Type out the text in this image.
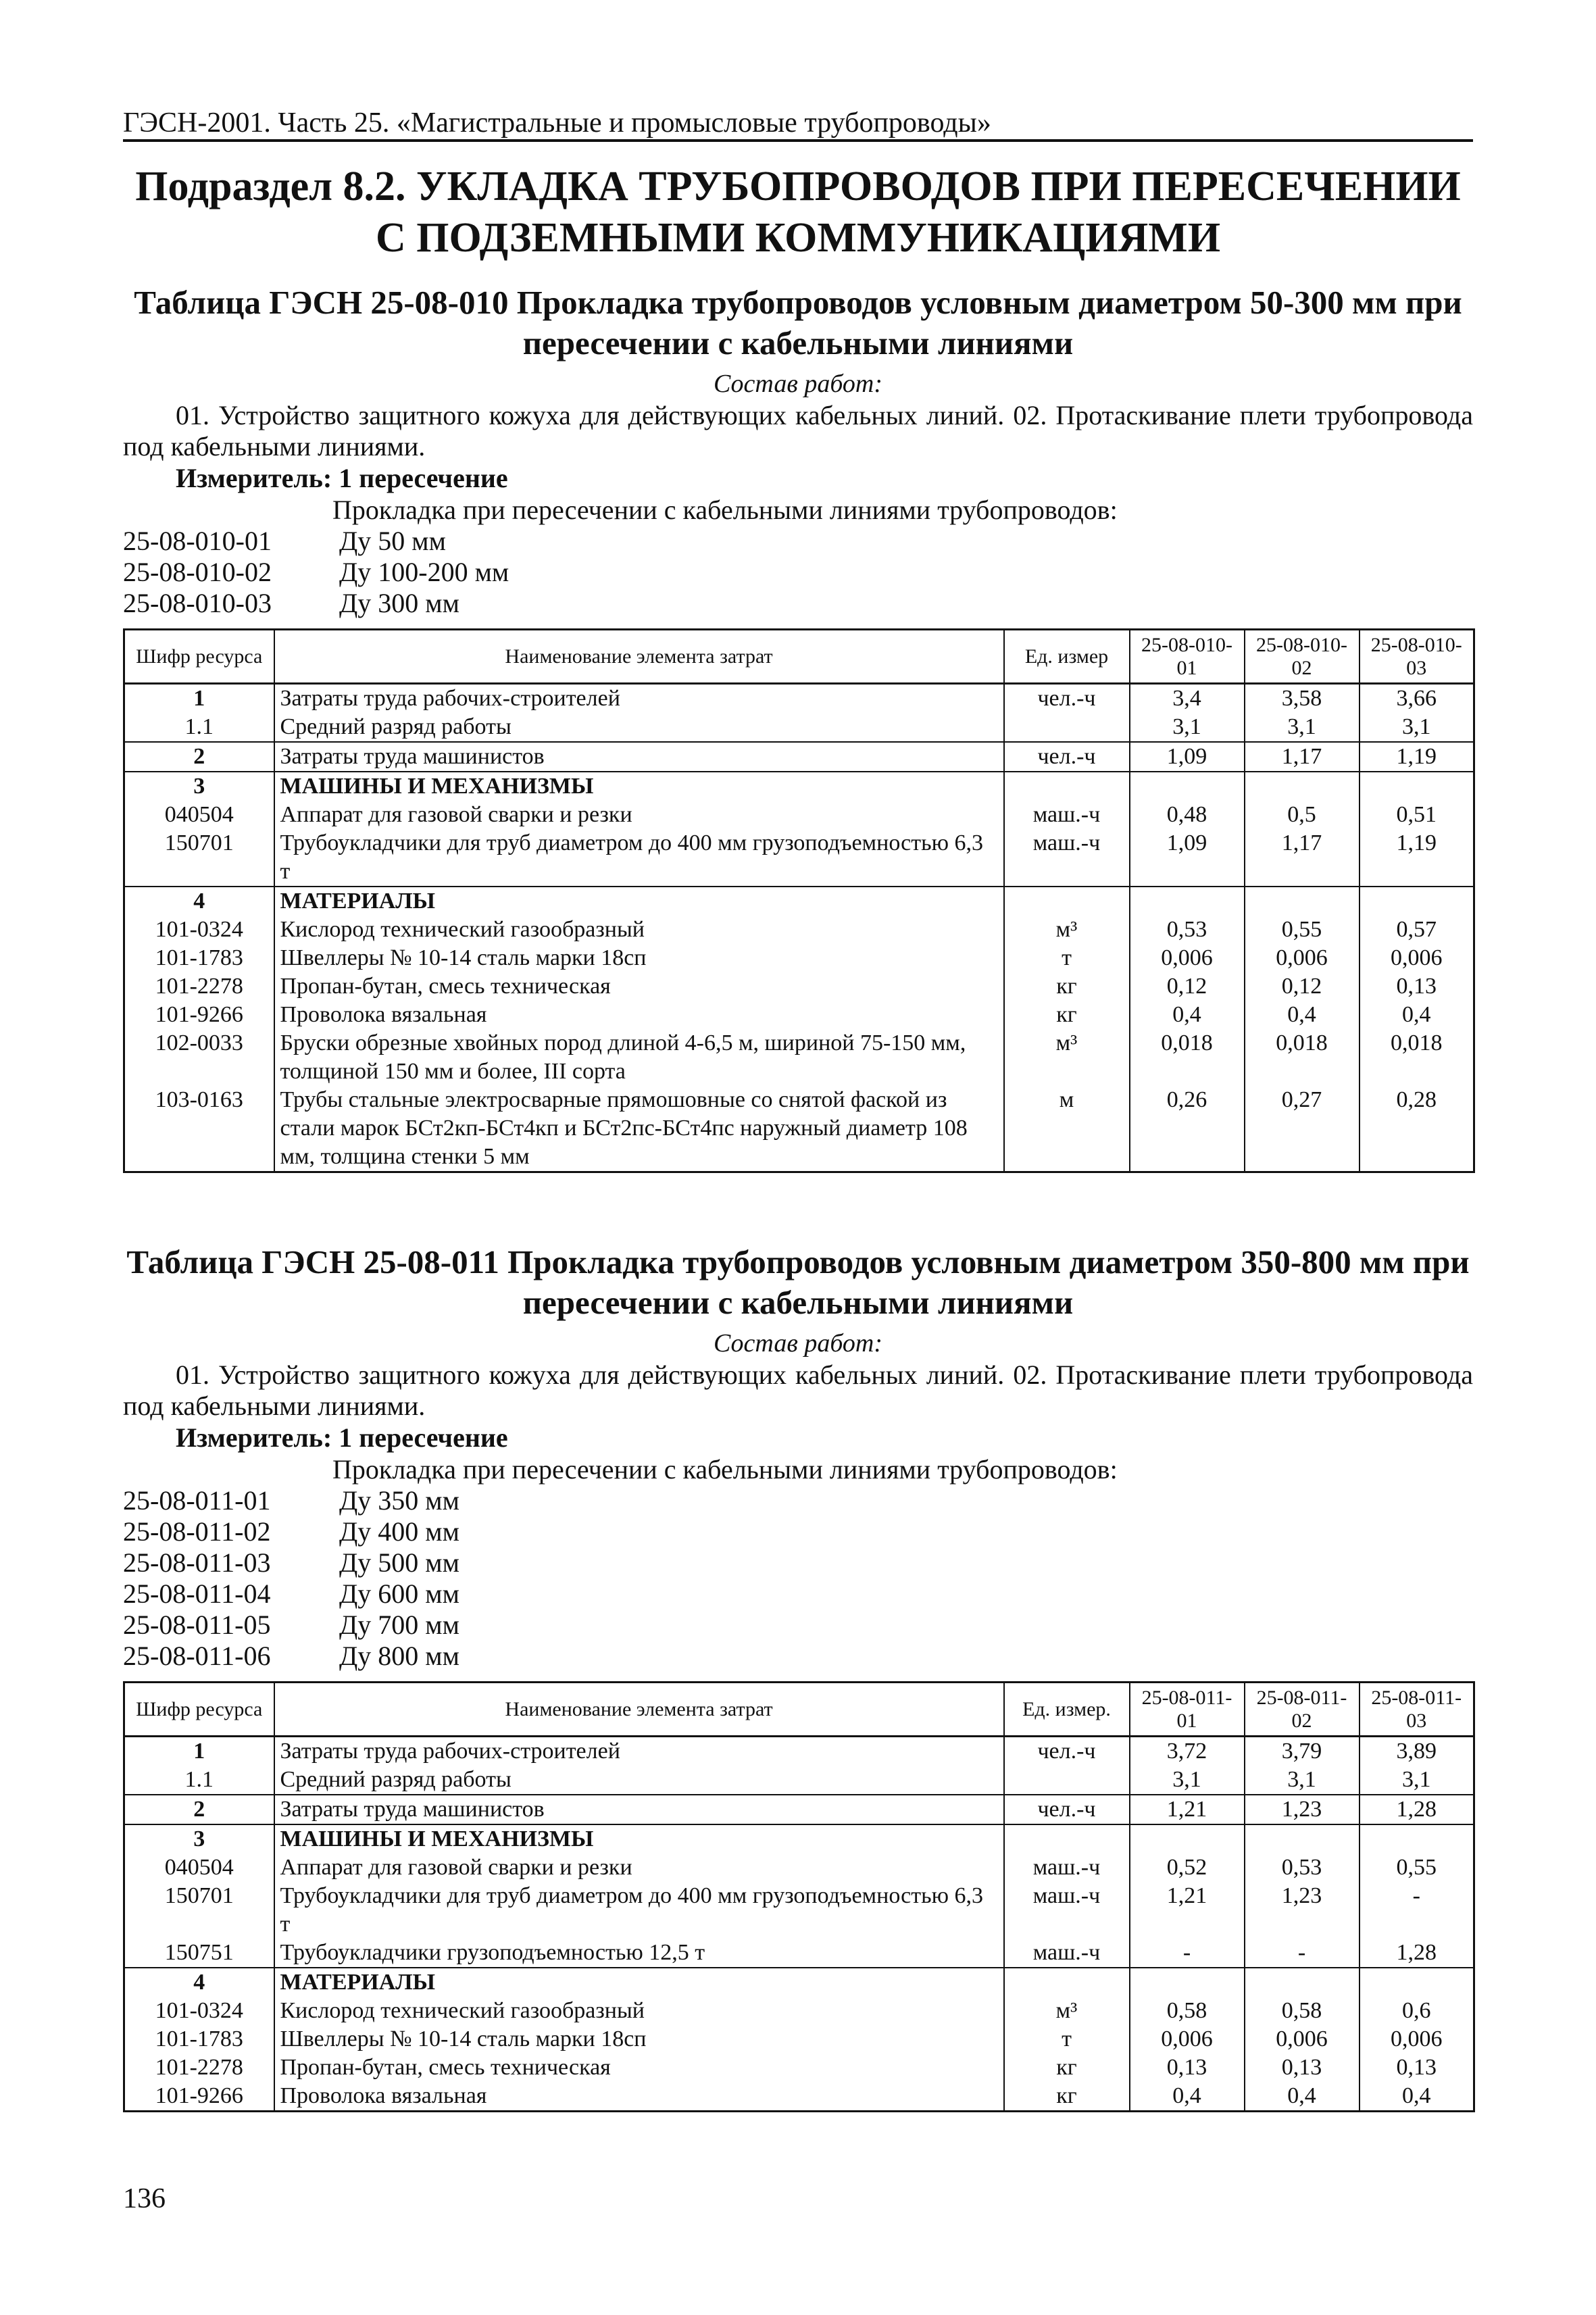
ГЭСН-2001. Часть 25. «Магистральные и промысловые трубопроводы»
Подраздел 8.2. УКЛАДКА ТРУБОПРОВОДОВ ПРИ ПЕРЕСЕЧЕНИИ С ПОДЗЕМНЫМИ КОММУНИКАЦИЯМИ
Таблица ГЭСН 25-08-010 Прокладка трубопроводов условным диаметром 50-300 мм при пересечении с кабельными линиями
Состав работ:
01. Устройство защитного кожуха для действующих кабельных линий. 02. Протаскивание плети трубопровода под кабельными линиями.
Измеритель: 1 пересечение
Прокладка при пересечении с кабельными линиями трубопроводов:
25-08-010-01	Ду 50 мм
25-08-010-02	Ду 100-200 мм
25-08-010-03	Ду 300 мм
Шифр ресурса	Наименование элемента затрат	Ед. измер	25-08-010-01	25-08-010-02	25-08-010-03
1	Затраты труда рабочих-строителей	чел.-ч	3,4	3,58	3,66
1.1	Средний разряд работы		3,1	3,1	3,1
2	Затраты труда машинистов	чел.-ч	1,09	1,17	1,19
3	МАШИНЫ И МЕХАНИЗМЫ				
040504	Аппарат для газовой сварки и резки	маш.-ч	0,48	0,5	0,51
150701	Трубоукладчики для труб диаметром до 400 мм грузоподъемностью 6,3 т	маш.-ч	1,09	1,17	1,19
4	МАТЕРИАЛЫ				
101-0324	Кислород технический газообразный	м³	0,53	0,55	0,57
101-1783	Швеллеры № 10-14 сталь марки 18сп	т	0,006	0,006	0,006
101-2278	Пропан-бутан, смесь техническая	кг	0,12	0,12	0,13
101-9266	Проволока вязальная	кг	0,4	0,4	0,4
102-0033	Бруски обрезные хвойных пород длиной 4-6,5 м, шириной 75-150 мм, толщиной 150 мм и более, III сорта	м³	0,018	0,018	0,018
103-0163	Трубы стальные электросварные прямошовные со снятой фаской из стали марок БСт2кп-БСт4кп и БСт2пс-БСт4пс наружный диаметр 108 мм, толщина стенки 5 мм	м	0,26	0,27	0,28
Таблица ГЭСН 25-08-011 Прокладка трубопроводов условным диаметром 350-800 мм при пересечении с кабельными линиями
Состав работ:
01. Устройство защитного кожуха для действующих кабельных линий. 02. Протаскивание плети трубопровода под кабельными линиями.
Измеритель: 1 пересечение
Прокладка при пересечении с кабельными линиями трубопроводов:
25-08-011-01	Ду 350 мм
25-08-011-02	Ду 400 мм
25-08-011-03	Ду 500 мм
25-08-011-04	Ду 600 мм
25-08-011-05	Ду 700 мм
25-08-011-06	Ду 800 мм
Шифр ресурса	Наименование элемента затрат	Ед. измер.	25-08-011-01	25-08-011-02	25-08-011-03
1	Затраты труда рабочих-строителей	чел.-ч	3,72	3,79	3,89
1.1	Средний разряд работы		3,1	3,1	3,1
2	Затраты труда машинистов	чел.-ч	1,21	1,23	1,28
3	МАШИНЫ И МЕХАНИЗМЫ				
040504	Аппарат для газовой сварки и резки	маш.-ч	0,52	0,53	0,55
150701	Трубоукладчики для труб диаметром до 400 мм грузоподъемностью 6,3 т	маш.-ч	1,21	1,23	-
150751	Трубоукладчики грузоподъемностью 12,5 т	маш.-ч	-	-	1,28
4	МАТЕРИАЛЫ				
101-0324	Кислород технический газообразный	м³	0,58	0,58	0,6
101-1783	Швеллеры № 10-14 сталь марки 18сп	т	0,006	0,006	0,006
101-2278	Пропан-бутан, смесь техническая	кг	0,13	0,13	0,13
101-9266	Проволока вязальная	кг	0,4	0,4	0,4
136
